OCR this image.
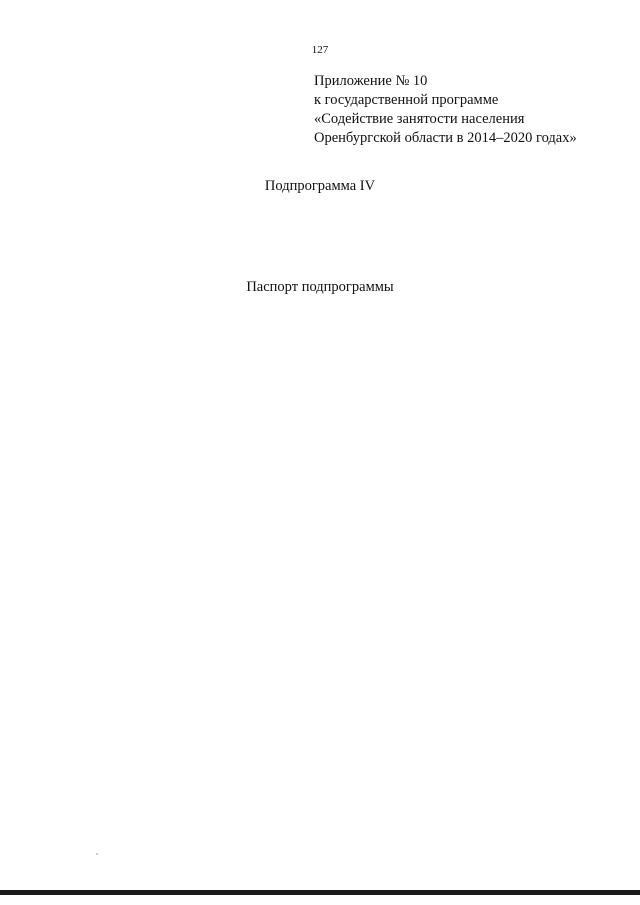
127
Приложение № 10
к государственной программе
«Содействие занятости населения
Оренбургской области в 2014–2020 годах»
Подпрограмма IV
Паспорт подпрограммы
